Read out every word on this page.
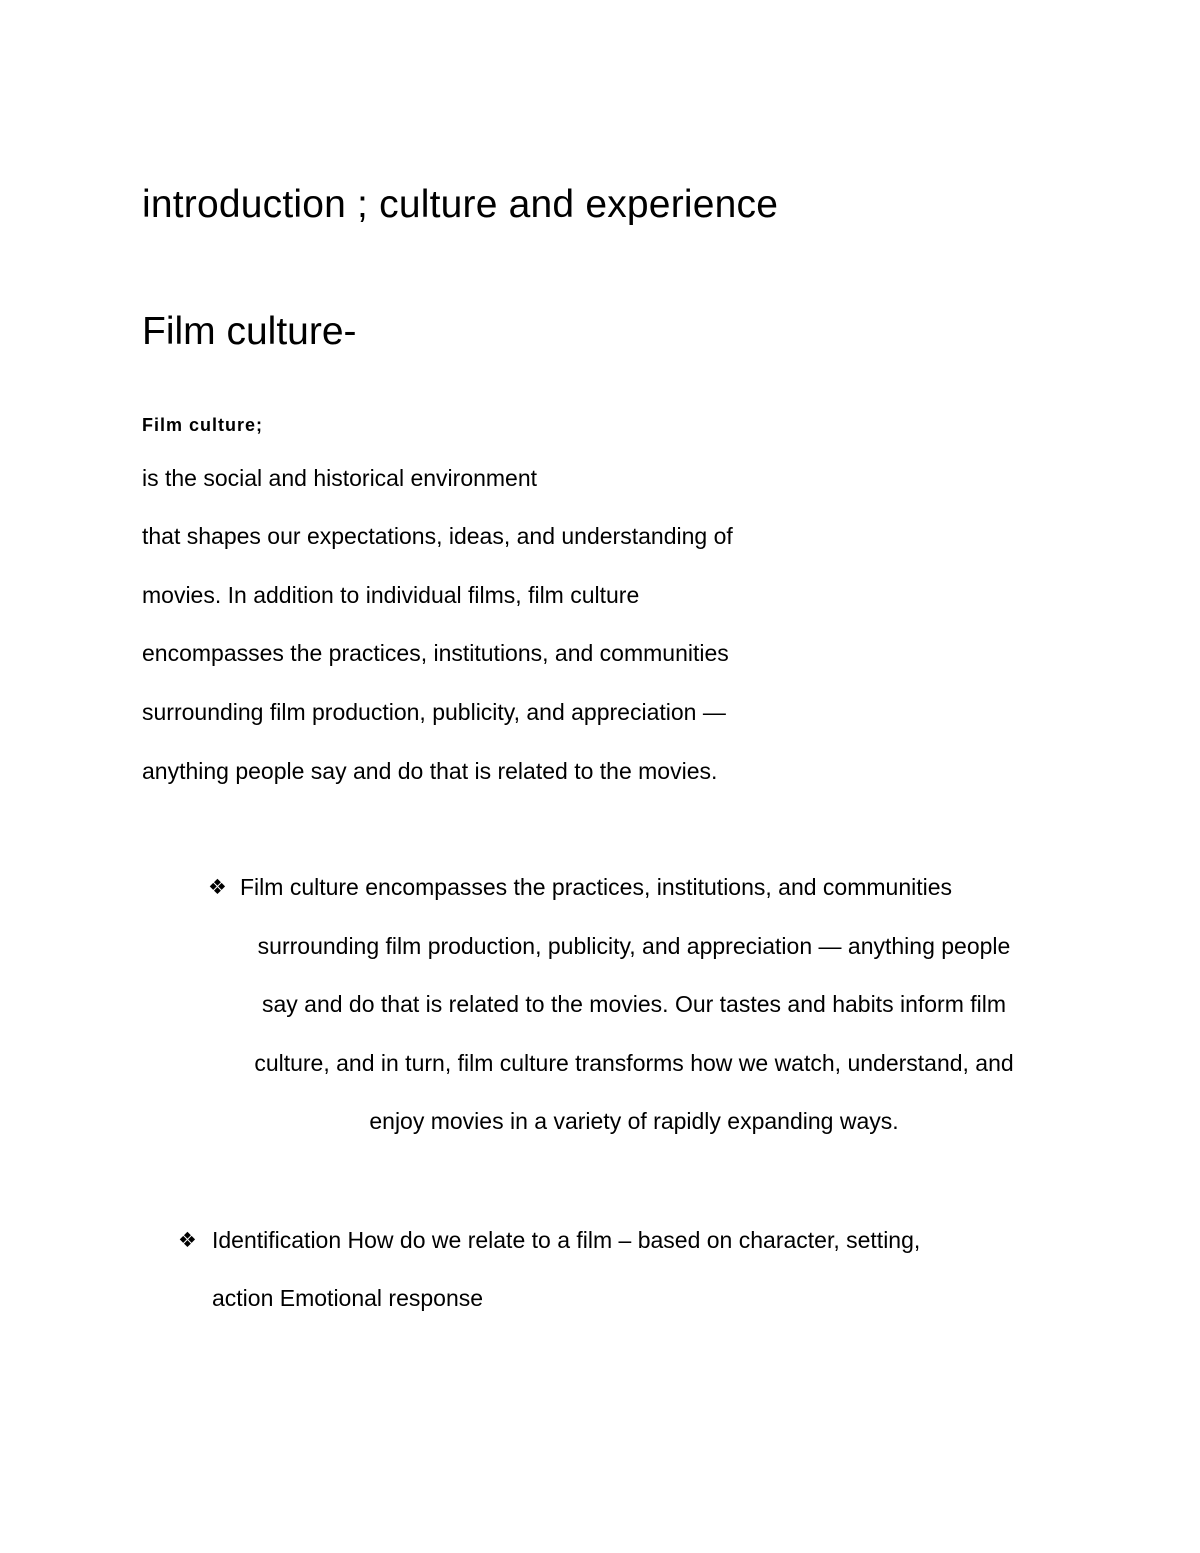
introduction ; culture and experience
Film culture-
Film culture;
is the social and historical environment
that shapes our expectations, ideas, and understanding of
movies. In addition to individual films, film culture
encompasses the practices, institutions, and communities
surrounding film production, publicity, and appreciation —
anything people say and do that is related to the movies.
❖ Film culture encompasses the practices, institutions, and communities
surrounding film production, publicity, and appreciation — anything people
say and do that is related to the movies. Our tastes and habits inform film
culture, and in turn, film culture transforms how we watch, understand, and
enjoy movies in a variety of rapidly expanding ways.
❖ Identification How do we relate to a film – based on character, setting,
action Emotional response
